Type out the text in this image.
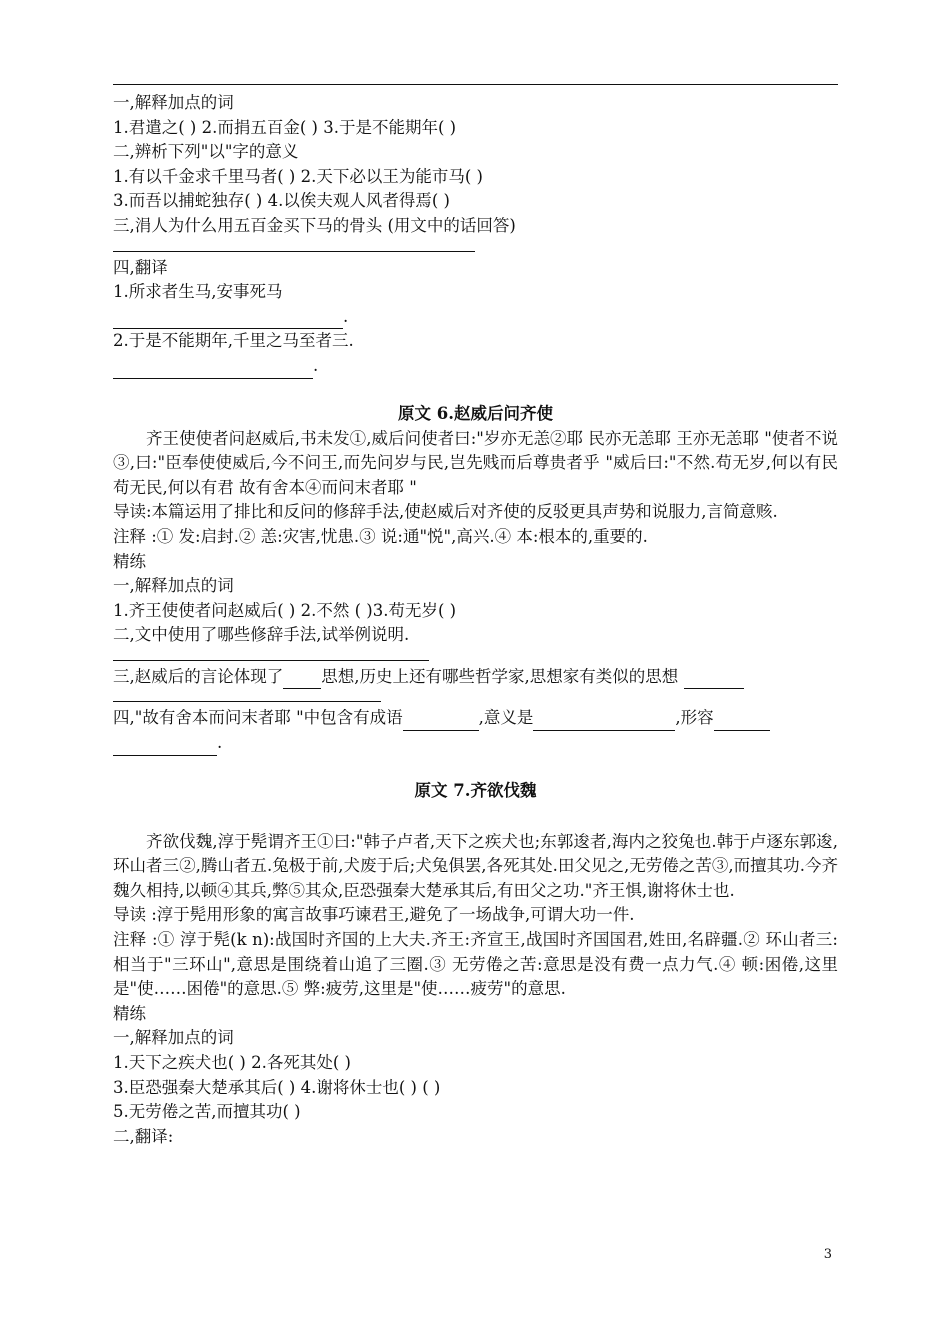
一,解释加点的词
1.君遣之( ) 2.而捐五百金( ) 3.于是不能期年( )
二,辨析下列"以"字的意义
1.有以千金求千里马者( ) 2.天下必以王为能市马( )
3.而吾以捕蛇独存( ) 4.以俟夫观人风者得焉( )
三,涓人为什么用五百金买下马的骨头 (用文中的话回答)
四,翻译
1.所求者生马,安事死马
.
2.于是不能期年,千里之马至者三.
.
原文 6.赵威后问齐使
齐王使使者问赵威后,书未发①,威后问使者曰:"岁亦无恙②耶 民亦无恙耶 王亦无恙耶 "使者不说③,曰:"臣奉使使威后,今不问王,而先问岁与民,岂先贱而后尊贵者乎 "威后曰:"不然.苟无岁,何以有民 苟无民,何以有君 故有舍本④而问末者耶 "
导读:本篇运用了排比和反问的修辞手法,使赵威后对齐使的反驳更具声势和说服力,言简意赅.
注释 :① 发:启封.② 恙:灾害,忧患.③ 说:通"悦",高兴.④ 本:根本的,重要的.
精练
一,解释加点的词
1.齐王使使者问赵威后( ) 2.不然 ( )3.苟无岁( )
二,文中使用了哪些修辞手法,试举例说明.
三,赵威后的言论体现了 思想,历史上还有哪些哲学家,思想家有类似的思想
四,"故有舍本而问末者耶 "中包含有成语	,意义是	,形容
.
原文 7.齐欲伐魏
齐欲伐魏,淳于髡谓齐王①曰:"韩子卢者,天下之疾犬也;东郭逡者,海内之狡兔也.韩于卢逐东郭逡,环山者三②,腾山者五.兔极于前,犬废于后;犬兔俱罢,各死其处.田父见之,无劳倦之苦③,而擅其功.今齐魏久相持,以顿④其兵,弊⑤其众,臣恐强秦大楚承其后,有田父之功."齐王惧,谢将休士也.
导读 :淳于髡用形象的寓言故事巧谏君王,避免了一场战争,可谓大功一件.
注释 :① 淳于髡(k n):战国时齐国的上大夫.齐王:齐宣王,战国时齐国国君,姓田,名辟疆.② 环山者三:相当于"三环山",意思是围绕着山追了三圈.③ 无劳倦之苦:意思是没有费一点力气.④ 顿:困倦,这里是"使……困倦"的意思.⑤ 弊:疲劳,这里是"使……疲劳"的意思.
精练
一,解释加点的词
1.天下之疾犬也( ) 2.各死其处( )
3.臣恐强秦大楚承其后( ) 4.谢将休士也( ) ( )
5.无劳倦之苦,而擅其功( )
二,翻译:
3
